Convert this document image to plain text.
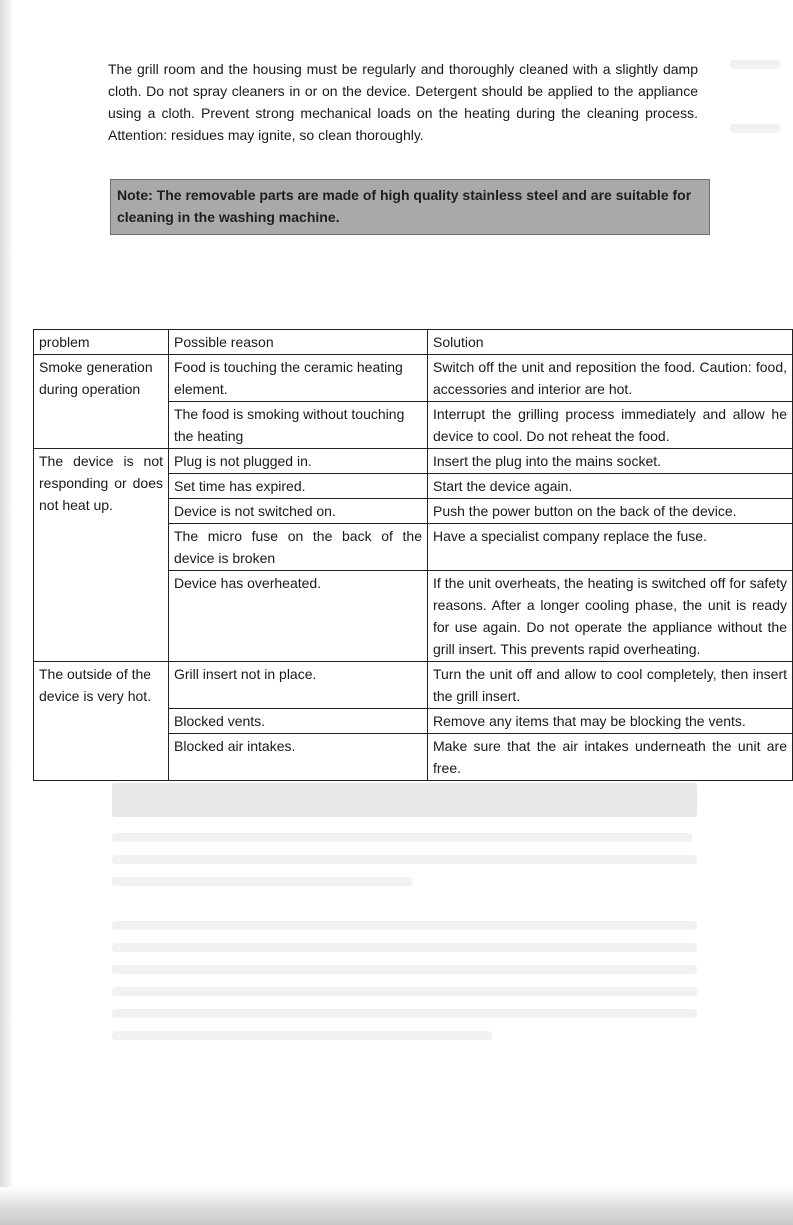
The grill room and the housing must be regularly and thoroughly cleaned with a slightly damp cloth. Do not spray cleaners in or on the device. Detergent should be applied to the appliance using a cloth. Prevent strong mechanical loads on the heating during the cleaning process. Attention: residues may ignite, so clean thoroughly.

Note: The removable parts are made of high quality stainless steel and are suitable for cleaning in the washing machine.
problem	Possible reason	Solution
Smoke generation during operation	Food is touching the ceramic heating element.	Switch off the unit and reposition the food. Caution: food, accessories and interior are hot.
	The food is smoking without touching the heating	Interrupt the grilling process immediately and allow he device to cool. Do not reheat the food.
The device is not responding or does not heat up.	Plug is not plugged in.	Insert the plug into the mains socket.
	Set time has expired.	Start the device again.
	Device is not switched on.	Push the power button on the back of the device.
	The micro fuse on the back of the device is broken	Have a specialist company replace the fuse.
	Device has overheated.	If the unit overheats, the heating is switched off for safety reasons. After a longer cooling phase, the unit is ready for use again. Do not operate the appliance without the grill insert. This prevents rapid overheating.
The outside of the device is very hot.	Grill insert not in place.	Turn the unit off and allow to cool completely, then insert the grill insert.
	Blocked vents.	Remove any items that may be blocking the vents.
	Blocked air intakes.	Make sure that the air intakes underneath the unit are free.
